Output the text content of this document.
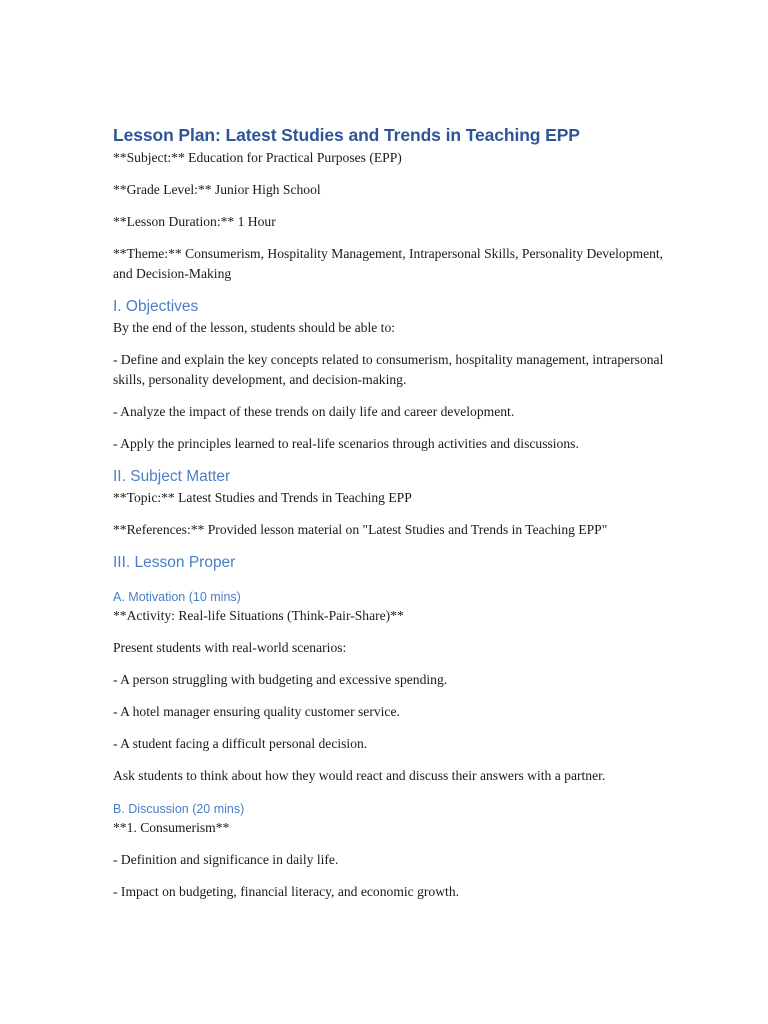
Lesson Plan: Latest Studies and Trends in Teaching EPP

**Subject:** Education for Practical Purposes (EPP)

**Grade Level:** Junior High School

**Lesson Duration:** 1 Hour

**Theme:** Consumerism, Hospitality Management, Intrapersonal Skills, Personality Development, and Decision-Making

I. Objectives

By the end of the lesson, students should be able to:

- Define and explain the key concepts related to consumerism, hospitality management, intrapersonal skills, personality development, and decision-making.

- Analyze the impact of these trends on daily life and career development.

- Apply the principles learned to real-life scenarios through activities and discussions.

II. Subject Matter

**Topic:** Latest Studies and Trends in Teaching EPP

**References:** Provided lesson material on "Latest Studies and Trends in Teaching EPP"

III. Lesson Proper
A. Motivation (10 mins)

**Activity: Real-life Situations (Think-Pair-Share)**

Present students with real-world scenarios:

- A person struggling with budgeting and excessive spending.

- A hotel manager ensuring quality customer service.

- A student facing a difficult personal decision.

Ask students to think about how they would react and discuss their answers with a partner.

B. Discussion (20 mins)

**1. Consumerism**

- Definition and significance in daily life.

- Impact on budgeting, financial literacy, and economic growth.
